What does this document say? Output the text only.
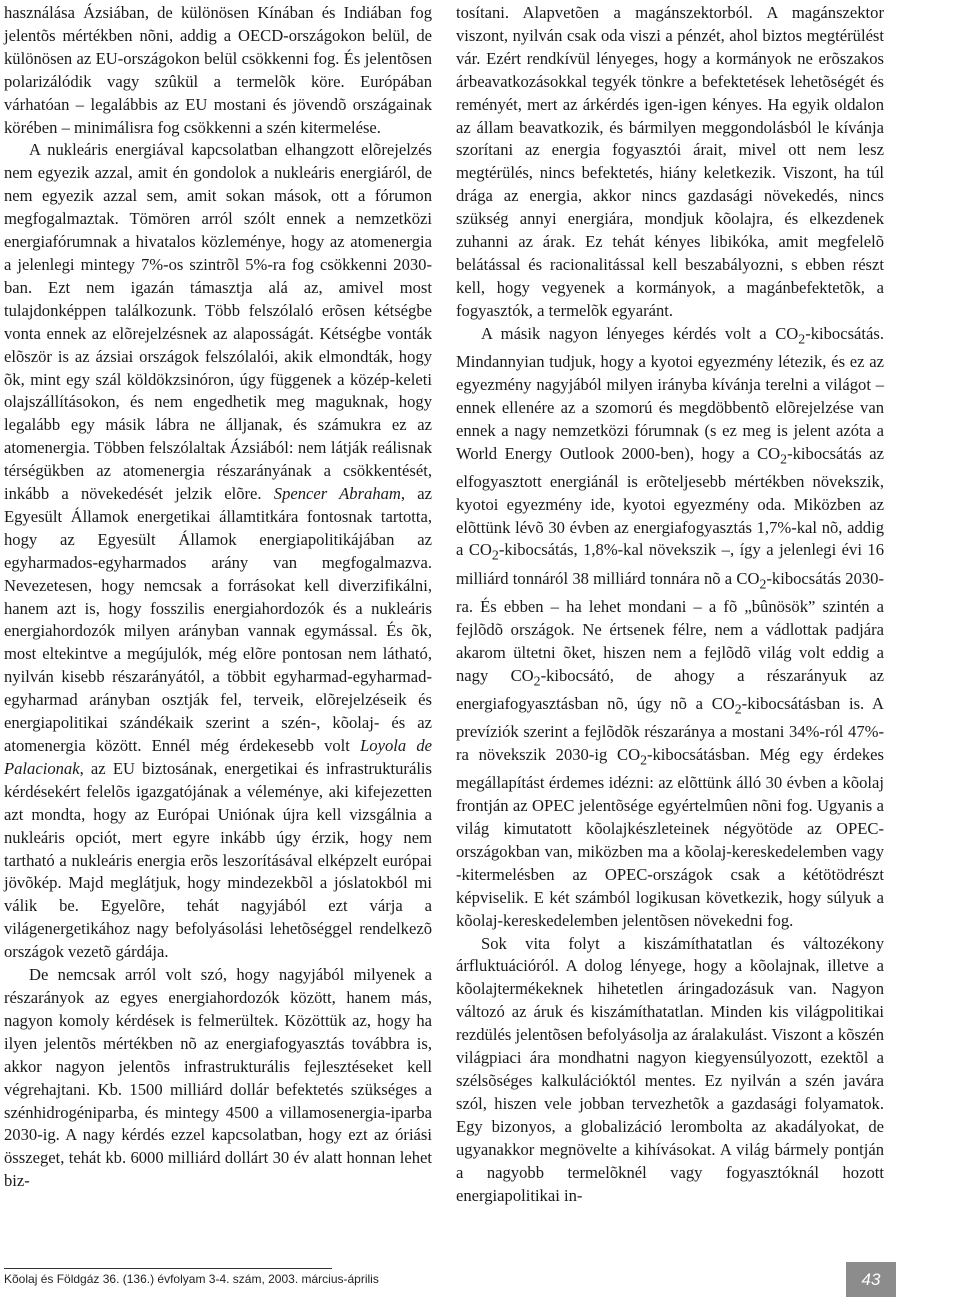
használása Ázsiában, de különösen Kínában és Indiában fog jelentõs mértékben nõni, addig a OECD-országokon belül, de különösen az EU-országokon belül csökkenni fog. És jelentõsen polarizálódik vagy szûkül a termelõk köre. Európában várhatóan – legalábbis az EU mostani és jövendõ országainak körében – minimálisra fog csökkenni a szén kitermelése.

A nukleáris energiával kapcsolatban elhangzott elõrejelzés nem egyezik azzal, amit én gondolok a nukleáris energiáról, de nem egyezik azzal sem, amit sokan mások, ott a fórumon megfogalmaztak. Tömören arról szólt ennek a nemzetközi energiafórumnak a hivatalos közleménye, hogy az atomenergia a jelenlegi mintegy 7%-os szintrõl 5%-ra fog csökkenni 2030-ban. Ezt nem igazán támasztja alá az, amivel most tulajdonképpen találkozunk. Több felszólaló erõsen kétségbe vonta ennek az elõrejelzésnek az alaposságát. Kétségbe vonták elõször is az ázsiai országok felszólalói, akik elmondták, hogy õk, mint egy szál köldökzsinóron, úgy függenek a közép-keleti olajszállításokon, és nem engedhetik meg maguknak, hogy legalább egy másik lábra ne álljanak, és számukra ez az atomenergia. Többen felszólaltak Ázsiából: nem látják reálisnak térségükben az atomenergia részarányának a csökkentését, inkább a növekedését jelzik elõre. Spencer Abraham, az Egyesült Államok energetikai államtitkára fontosnak tartotta, hogy az Egyesült Államok energiapolitikájában az egyharmados-egyharmados arány van megfogalmazva. Nevezetesen, hogy nemcsak a forrásokat kell diverzifikálni, hanem azt is, hogy fosszilis energiahordozók és a nukleáris energiahordozók milyen arányban vannak egymással. És õk, most eltekintve a megújulók, még elõre pontosan nem látható, nyilván kisebb részarányától, a többit egyharmad-egyharmad-egyharmad arányban osztják fel, terveik, elõrejelzéseik és energiapolitikai szándékaik szerint a szén-, kõolaj- és az atomenergia között. Ennél még érdekesebb volt Loyola de Palacionak, az EU biztosának, energetikai és infrastrukturális kérdésekért felelõs igazgatójának a véleménye, aki kifejezetten azt mondta, hogy az Európai Uniónak újra kell vizsgálnia a nukleáris opciót, mert egyre inkább úgy érzik, hogy nem tartható a nukleáris energia erõs leszorításával elképzelt európai jövõkép. Majd meglátjuk, hogy mindezekbõl a jóslatokból mi válik be. Egyelõre, tehát nagyjából ezt várja a világenergetikához nagy befolyásolási lehetõséggel rendelkezõ országok vezetõ gárdája.

De nemcsak arról volt szó, hogy nagyjából milyenek a részarányok az egyes energiahordozók között, hanem más, nagyon komoly kérdések is felmerültek. Közöttük az, hogy ha ilyen jelentõs mértékben nõ az energiafogyasztás továbbra is, akkor nagyon jelentõs infrastrukturális fejlesztéseket kell végrehajtani. Kb. 1500 milliárd dollár befektetés szükséges a szénhidrogéniparba, és mintegy 4500 a villamosenergia-iparba 2030-ig. A nagy kérdés ezzel kapcsolatban, hogy ezt az óriási összeget, tehát kb. 6000 milliárd dollárt 30 év alatt honnan lehet biz-

tosítani. Alapvetõen a magánszektorból. A magánszektor viszont, nyilván csak oda viszi a pénzét, ahol biztos megtérülést vár. Ezért rendkívül lényeges, hogy a kormányok ne erõszakos árbeavatkozásokkal tegyék tönkre a befektetések lehetõségét és reményét, mert az árkérdés igen-igen kényes. Ha egyik oldalon az állam beavatkozik, és bármilyen meggondolásból le kívánja szorítani az energia fogyasztói árait, mivel ott nem lesz megtérülés, nincs befektetés, hiány keletkezik. Viszont, ha túl drága az energia, akkor nincs gazdasági növekedés, nincs szükség annyi energiára, mondjuk kõolajra, és elkezdenek zuhanni az árak. Ez tehát kényes libikóka, amit megfelelõ belátással és racionalitással kell beszabályozni, s ebben részt kell, hogy vegyenek a kormányok, a magánbefektetõk, a fogyasztók, a termelõk egyaránt.

A másik nagyon lényeges kérdés volt a $CO_2$-kibocsátás. Mindannyian tudjuk, hogy a kyotoi egyezmény létezik, és ez az egyezmény nagyjából milyen irányba kívánja terelni a világot – ennek ellenére az a szomorú és megdöbbentõ elõrejelzése van ennek a nagy nemzetközi fórumnak (s ez meg is jelent azóta a World Energy Outlook 2000-ben), hogy a $CO_2$-kibocsátás az elfogyasztott energiánál is erõteljesebb mértékben növekszik, kyotoi egyezmény ide, kyotoi egyezmény oda. Miközben az elõttünk lévõ 30 évben az energiafogyasztás 1,7%-kal nõ, addig a $CO_2$-kibocsátás, 1,8%-kal növekszik –, így a jelenlegi évi 16 milliárd tonnáról 38 milliárd tonnára nõ a $CO_2$-kibocsátás 2030-ra. És ebben – ha lehet mondani – a fõ „bûnösök” szintén a fejlõdõ országok. Ne értsenek félre, nem a vádlottak padjára akarom ültetni õket, hiszen nem a fejlõdõ világ volt eddig a nagy $CO_2$-kibocsátó, de ahogy a részarányuk az energiafogyasztásban nõ, úgy nõ a $CO_2$-kibocsátásban is. A prevíziók szerint a fejlõdõk részaránya a mostani 34%-ról 47%-ra növekszik 2030-ig $CO_2$-kibocsátásban. Még egy érdekes megállapítást érdemes idézni: az elõttünk álló 30 évben a kõolaj frontján az OPEC jelentõsége egyértelmûen nõni fog. Ugyanis a világ kimutatott kõolajkészleteinek négyötöde az OPEC-országokban van, miközben ma a kõolaj-kereskedelemben vagy -kitermelésben az OPEC-országok csak a kétötödrészt képviselik. E két számból logikusan következik, hogy súlyuk a kõolaj-kereskedelemben jelentõsen növekedni fog.

Sok vita folyt a kiszámíthatatlan és változékony árfluktuációról. A dolog lényege, hogy a kõolajnak, illetve a kõolajtermékeknek hihetetlen áringadozásuk van. Nagyon változó az áruk és kiszámíthatatlan. Minden kis világpolitikai rezdülés jelentõsen befolyásolja az áralakulást. Viszont a kõszén világpiaci ára mondhatni nagyon kiegyensúlyozott, ezektõl a szélsõséges kalkulációktól mentes. Ez nyilván a szén javára szól, hiszen vele jobban tervezhetõk a gazdasági folyamatok. Egy bizonyos, a globalizáció lerombolta az akadályokat, de ugyanakkor megnövelte a kihívásokat. A világ bármely pontján a nagyobb termelõknél vagy fogyasztóknál hozott energiapolitikai in-

Kõolaj és Földgáz 36. (136.) évfolyam 3-4. szám, 2003. március-április	43
